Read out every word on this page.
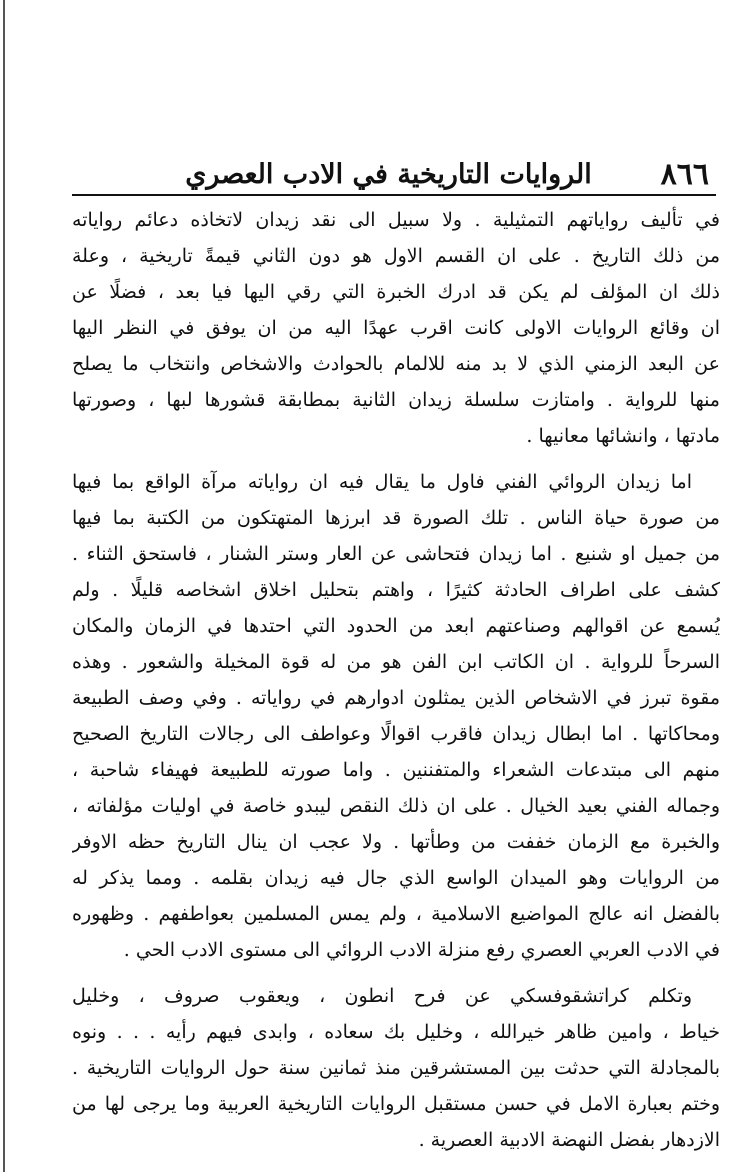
٨٦٦
الروايات التاريخية في الادب العصري
في تأليف رواياتهم التمثيلية . ولا سبيل الى نقد زيدان لاتخاذه دعائم رواياته
من ذلك التاريخ . على ان القسم الاول هو دون الثاني قيمةً تاريخية ، وعلة
ذلك ان المؤلف لم يكن قد ادرك الخبرة التي رقي اليها فيا بعد ، فضلًا عن
ان وقائع الروايات الاولى كانت اقرب عهدًا اليه من ان يوفق في النظر اليها
عن البعد الزمني الذي لا بد منه للالمام بالحوادث والاشخاص وانتخاب ما يصلح
منها للرواية . وامتازت سلسلة زيدان الثانية بمطابقة قشورها لبها ، وصورتها
مادتها ، وانشائها معانيها .
اما زيدان الروائي الفني فاول ما يقال فيه ان رواياته مرآة الواقع بما فيها
من صورة حياة الناس . تلك الصورة قد ابرزها المتهتكون من الكتبة بما فيها
من جميل او شنيع . اما زيدان فتحاشى عن العار وستر الشنار ، فاستحق الثناء .
كشف على اطراف الحادثة كثيرًا ، واهتم بتحليل اخلاق اشخاصه قليلًا . ولم
يُسمع عن اقوالهم وصناعتهم ابعد من الحدود التي احتدها في الزمان والمكان
السرحاً للرواية . ان الكاتب ابن الفن هو من له قوة المخيلة والشعور . وهذه
مقوة تبرز في الاشخاص الذين يمثلون ادوارهم في رواياته . وفي وصف الطبيعة
ومحاكاتها . اما ابطال زيدان فاقرب اقوالًا وعواطف الى رجالات التاريخ الصحيح
منهم الى مبتدعات الشعراء والمتفننين . واما صورته للطبيعة فهيفاء شاحبة ،
وجماله الفني بعيد الخيال . على ان ذلك النقص ليبدو خاصة في اوليات مؤلفاته ،
والخبرة مع الزمان خففت من وطأتها . ولا عجب ان ينال التاريخ حظه الاوفر
من الروايات وهو الميدان الواسع الذي جال فيه زيدان بقلمه . ومما يذكر له
بالفضل انه عالج المواضيع الاسلامية ، ولم يمس المسلمين بعواطفهم . وظهوره
في الادب العربي العصري رفع منزلة الادب الروائي الى مستوى الادب الحي .
وتكلم كراتشقوفسكي عن فرح انطون ، ويعقوب صروف ، وخليل
خياط ، وامين ظاهر خيرالله ، وخليل بك سعاده ، وابدى فيهم رأيه . . . ونوه
بالمجادلة التي حدثت بين المستشرقين منذ ثمانين سنة حول الروايات التاريخية .
وختم بعبارة الامل في حسن مستقبل الروايات التاريخية العربية وما يرجى لها من
الازدهار بفضل النهضة الادبية العصرية .
